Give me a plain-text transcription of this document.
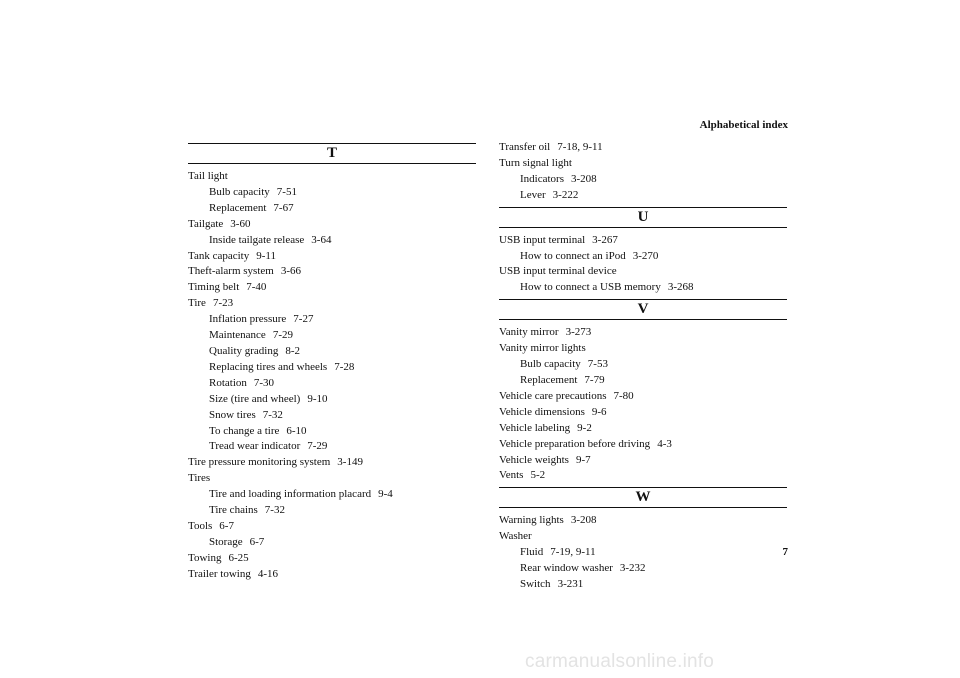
Alphabetical index
T
Tail light
Bulb capacity 7-51
Replacement 7-67
Tailgate 3-60
Inside tailgate release 3-64
Tank capacity 9-11
Theft-alarm system 3-66
Timing belt 7-40
Tire 7-23
Inflation pressure 7-27
Maintenance 7-29
Quality grading 8-2
Replacing tires and wheels 7-28
Rotation 7-30
Size (tire and wheel) 9-10
Snow tires 7-32
To change a tire 6-10
Tread wear indicator 7-29
Tire pressure monitoring system 3-149
Tires
Tire and loading information placard 9-4
Tire chains 7-32
Tools 6-7
Storage 6-7
Towing 6-25
Trailer towing 4-16
Transfer oil 7-18, 9-11
Turn signal light
Indicators 3-208
Lever 3-222
U
USB input terminal 3-267
How to connect an iPod 3-270
USB input terminal device
How to connect a USB memory 3-268
V
Vanity mirror 3-273
Vanity mirror lights
Bulb capacity 7-53
Replacement 7-79
Vehicle care precautions 7-80
Vehicle dimensions 9-6
Vehicle labeling 9-2
Vehicle preparation before driving 4-3
Vehicle weights 9-7
Vents 5-2
W
Warning lights 3-208
Washer
Fluid 7-19, 9-11
Rear window washer 3-232
Switch 3-231
7
carmanualsonline.info
